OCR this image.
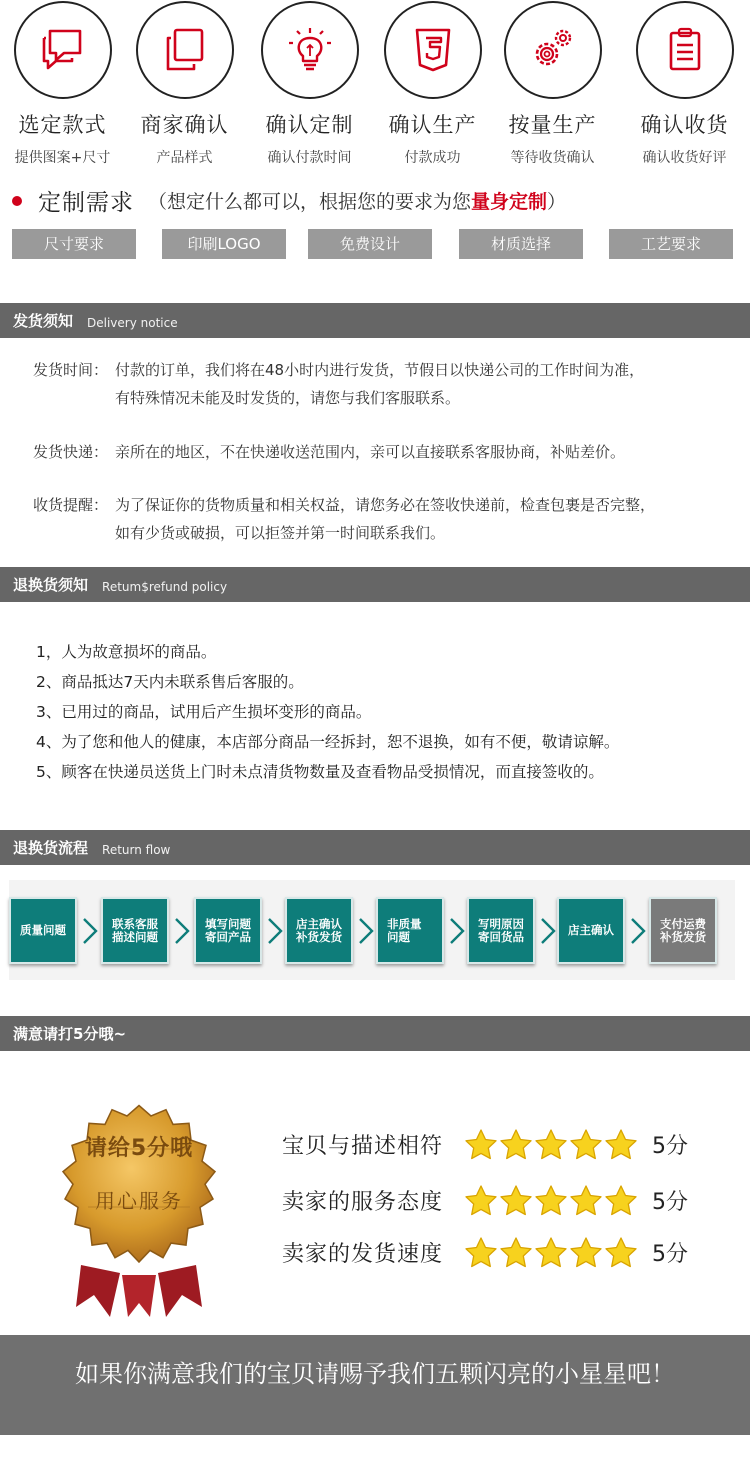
选定款式
提供图案+尺寸
商家确认
产品样式
确认定制
确认付款时间
确认生产
付款成功
按量生产
等待收货确认
确认收货
确认收货好评
定制需求 （想定什么都可以，根据您的要求为您量身定制）
尺寸要求	印刷LOGO	免费设计	材质选择	工艺要求
发货须知 Delivery notice
发货时间： 付款的订单，我们将在48小时内进行发货，节假日以快递公司的工作时间为准，
有特殊情况未能及时发货的，请您与我们客服联系。
发货快递： 亲所在的地区，不在快递收送范围内，亲可以直接联系客服协商，补贴差价。
收货提醒： 为了保证你的货物质量和相关权益，请您务必在签收快递前，检查包裹是否完整，
如有少货或破损，可以拒签并第一时间联系我们。
退换货须知 Retum$refund policy
1，人为故意损坏的商品。
2、商品抵达7天内未联系售后客服的。
3、已用过的商品，试用后产生损坏变形的商品。
4、为了您和他人的健康，本店部分商品一经拆封，恕不退换，如有不便，敬请谅解。
5、顾客在快递员送货上门时未点清货物数量及查看物品受损情况，而直接签收的。
退换货流程 Return flow
质量问题	联系客服
描述问题
填写问题
寄回产品
店主确认
补货发货
非质量
问题
写明原因
寄回货品	店主确认	支付运费
补货发货
满意请打5分哦~
请给5分哦
用心服务
宝贝与描述相符	5分
卖家的服务态度	5分
卖家的发货速度	5分
如果你满意我们的宝贝请赐予我们五颗闪亮的小星星吧！
